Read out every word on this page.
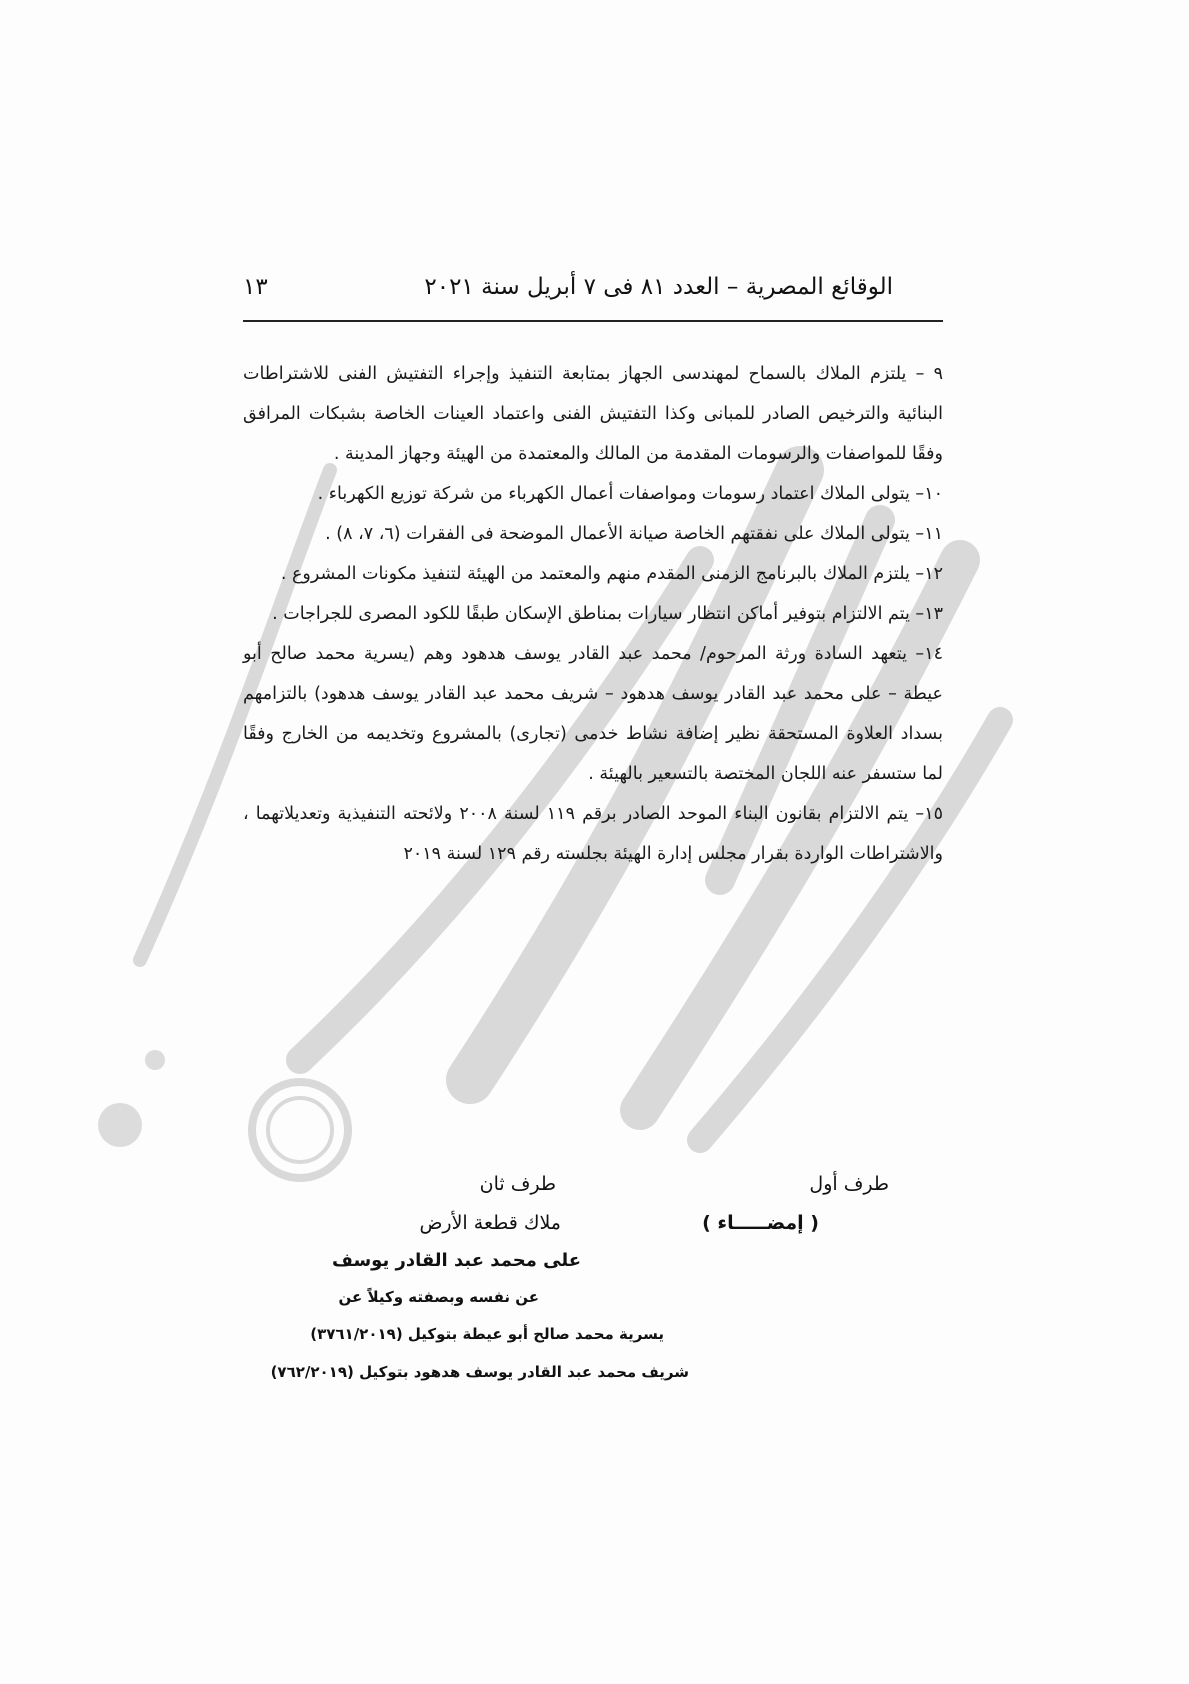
الوقائع المصرية – العدد ٨١ فى ٧ أبريل سنة ٢٠٢١
١٣

٩ – يلتزم الملاك بالسماح لمهندسى الجهاز بمتابعة التنفيذ وإجراء التفتيش الفنى للاشتراطات البنائية والترخيص الصادر للمبانى وكذا التفتيش الفنى واعتماد العينات الخاصة بشبكات المرافق وفقًا للمواصفات والرسومات المقدمة من المالك والمعتمدة من الهيئة وجهاز المدينة .

١٠– يتولى الملاك اعتماد رسومات ومواصفات أعمال الكهرباء من شركة توزيع الكهرباء .

١١– يتولى الملاك على نفقتهم الخاصة صيانة الأعمال الموضحة فى الفقرات (٦، ٧، ٨) .

١٢– يلتزم الملاك بالبرنامج الزمنى المقدم منهم والمعتمد من الهيئة لتنفيذ مكونات المشروع .

١٣– يتم الالتزام بتوفير أماكن انتظار سيارات بمناطق الإسكان طبقًا للكود المصرى للجراجات .

١٤– يتعهد السادة ورثة المرحوم/ محمد عبد القادر يوسف هدهود وهم (يسرية محمد صالح أبو عيطة – على محمد عبد القادر يوسف هدهود – شريف محمد عبد القادر يوسف هدهود) بالتزامهم بسداد العلاوة المستحقة نظير إضافة نشاط خدمى (تجارى) بالمشروع وتخديمه من الخارج وفقًا لما ستسفر عنه اللجان المختصة بالتسعير بالهيئة .

١٥– يتم الالتزام بقانون البناء الموحد الصادر برقم ١١٩ لسنة ٢٠٠٨ ولائحته التنفيذية وتعديلاتهما ، والاشتراطات الواردة بقرار مجلس إدارة الهيئة بجلسته رقم ١٢٩ لسنة ٢٠١٩

طرف أول
( إمضـــــاء )
طرف ثان
ملاك قطعة الأرض
على محمد عبد القادر يوسف
عن نفسه وبصفته وكيلاً عن
يسرية محمد صالح أبو عيطة بتوكيل (٣٧٦١/٢٠١٩)
شريف محمد عبد القادر يوسف هدهود بتوكيل (٧٦٢/٢٠١٩)
